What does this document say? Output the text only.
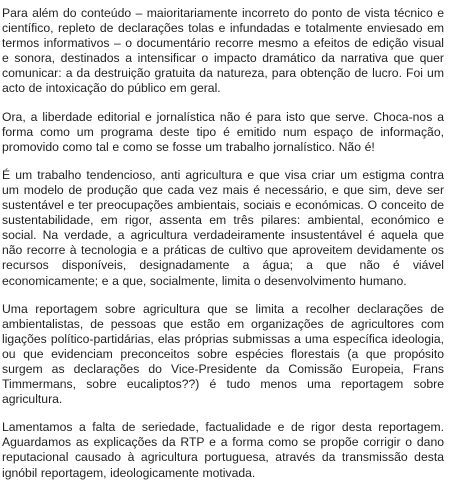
Para além do conteúdo – maioritariamente incorreto do ponto de vista técnico e científico, repleto de declarações tolas e infundadas e totalmente enviesado em termos informativos – o documentário recorre mesmo a efeitos de edição visual e sonora, destinados a intensificar o impacto dramático da narrativa que quer comunicar: a da destruição gratuita da natureza, para obtenção de lucro. Foi um acto de intoxicação do público em geral.

Ora, a liberdade editorial e jornalística não é para isto que serve. Choca-nos a forma como um programa deste tipo é emitido num espaço de informação, promovido como tal e como se fosse um trabalho jornalístico. Não é!

É um trabalho tendencioso, anti agricultura e que visa criar um estigma contra um modelo de produção que cada vez mais é necessário, e que sim, deve ser sustentável e ter preocupações ambientais, sociais e económicas. O conceito de sustentabilidade, em rigor, assenta em três pilares: ambiental, económico e social. Na verdade, a agricultura verdadeiramente insustentável é aquela que não recorre à tecnologia e a práticas de cultivo que aproveitem devidamente os recursos disponíveis, designadamente a água; a que não é viável economicamente; e a que, socialmente, limita o desenvolvimento humano.

Uma reportagem sobre agricultura que se limita a recolher declarações de ambientalistas, de pessoas que estão em organizações de agricultores com ligações político-partidárias, elas próprias submissas a uma específica ideologia, ou que evidenciam preconceitos sobre espécies florestais (a que propósito surgem as declarações do Vice-Presidente da Comissão Europeia, Frans Timmermans, sobre eucaliptos??) é tudo menos uma reportagem sobre agricultura.

Lamentamos a falta de seriedade, factualidade e de rigor desta reportagem. Aguardamos as explicações da RTP e a forma como se propõe corrigir o dano reputacional causado à agricultura portuguesa, através da transmissão desta ignóbil reportagem, ideologicamente motivada.
